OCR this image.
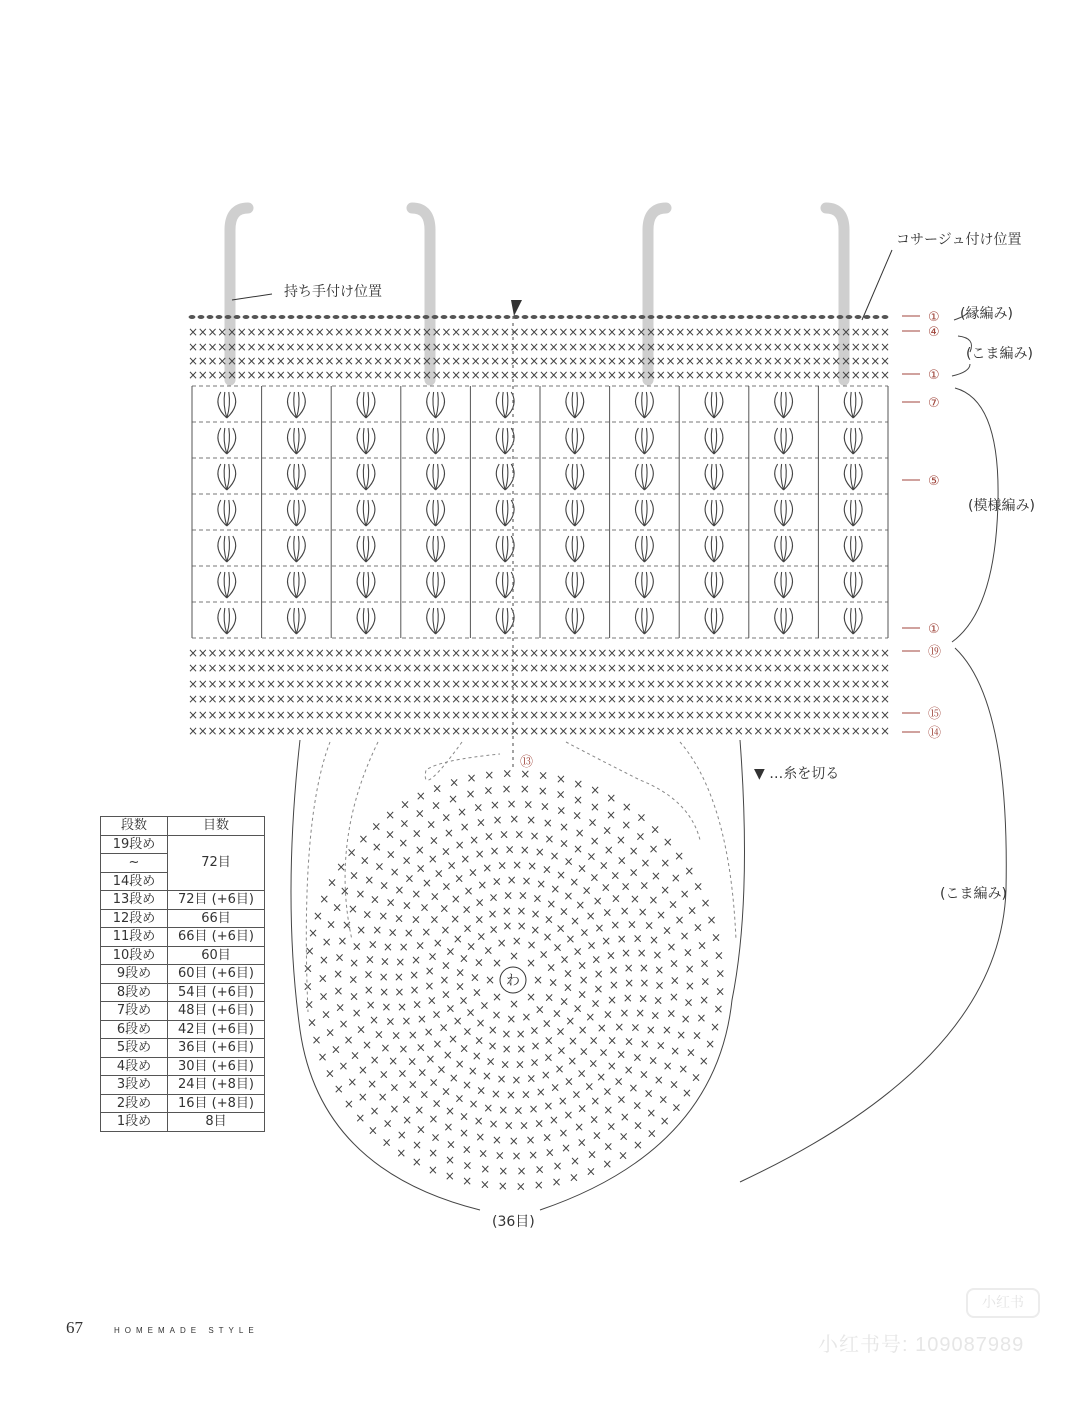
持ち手付け位置
コサージュ付け位置
××××××××××××××××××××××××××××××××××××××××××××××××××××××××××××××××××××××××
××××××××××××××××××××××××××××××××××××××××××××××××××××××××××××××××××××××××
××××××××××××××××××××××××××××××××××××××××××××××××××××××××××××××××××××××××
××××××××××××××××××××××××××××××××××××××××××××××××××××××××××××××××××××××××
××××××××××××××××××××××××××××××××××××××××××××××××××××××××××××××××××××××××
××××××××××××××××××××××××××××××××××××××××××××××××××××××××××××××××××××××××
××××××××××××××××××××××××××××××××××××××××××××××××××××××××××××××××××××××××
××××××××××××××××××××××××××××××××××××××××××××××××××××××××××××××××××××××××
××××××××××××××××××××××××××××××××××××××××××××××××××××××××××××××××××××××××
××××××××××××××××××××××××××××××××××××××××××××××××××××××××××××××××××××××××
×
×
×
×
×
×
×
×
×
×
×
×
×
×
×
×
×
×
×
× × ×
×
×
×
×
×
×
×
×
×
×
×
×
×
×
×
×
×
× × × × ×
×
×
×
×
×
×
×
×
×
×
×
×
×
×
×
×
×
×
×
×
×
×
×
× × × × × ×
×
×
×
×
×
×
×
×
×
×
×
×
×
×
×
×
×
×
×
×
×
×
×
×
×
×
×
×
× × × × × ×
×
×
×
×
×
×
×
×
×
×
×
×
×
×
×
×
×
×
×
×
×
×
×
×
×
×
×
×
×
×
×
×
×
× × × × × × ×
×
×
×
×
×
×
×
×
×
×
×
×
×
×
×
×
×
×
×
×
×
×
×
×
×
×
×
×
×
×
×
×
×
×
×
×
×
×
× × × × × × × ×
×
×
×
×
×
×
×
×
×
×
×
×
×
×
×
×
×
×
×
×
×
×
×
×
×
×
×
×
×
×
×
×
×
×
×
×
×
×
×
×
×
×
×
× × × × × × × × ×
×
×
×
×
×
×
×
×
×
×
×
×
×
×
×
×
×
×
×
×
×
×
×
×
×
×
×
×
×
×
×
×
×
×
×
×
×
×
×
×
×
×
×
×
×
×
×
×
× × × × × × × × × ×
×
×
×
×
×
×
×
×
×
×
×
×
×
×
×
×
×
×
×
×
×
×
×
×
×
×
×
×
×
×
×
×
×
×
×
×
×
×
×
×
×
×
×
×
×
×
×
×
×
×
× × × × × × × × ×
×
×
×
×
×
×
×
×
×
×
×
×
×
×
×
×
×
×
×
×
×
×
×
×
×
×
×
×
×
×
×
×
×
×
×
×
×
×
×
×
×
×
×
×
×
×
×
×
×
×
×
×
×
×
× × × × × × × × × ×
×
×
×
×
×
×
×
×
×
×
×
×
×
×
×
×
×
×
×
×
×
×
×
×
×
×
×
×
×
×
×
×
×
×
×
×
×
×
×
×
×
×
×
×
×
×
×
×
×
×
×
×
×
×
×
× × × × × × × × × ×
×
×
×
×
×
×
×
×
×
×
×
×
×
×
×
×
×
×
×
×
×
×
×
×
×
×
×
×
×
×
×
×
×
×
×
×
×
×
×
×
×
×
×
×
×
×
×
×
×
×
×
×
×
×
×
×
×
×
×
× × × × × × × × × ×
×
×
×
×
×
×
×
×
×
×
×
×
×
×
×
×
×
×
×
×
×
×
①
④
①
⑦
⑤
①
⑲
⑮
⑭
(縁編み)
(こま編み)
(模様編み)
(こま編み)
▼ …糸を切る
(36目)
わ
⑬
段数	目数
19段め	72目
~	
14段め	
13段め	72目 (+6目)
12段め	66目
11段め	66目 (+6目)
10段め	60目
9段め	60目 (+6目)
8段め	54目 (+6目)
7段め	48目 (+6目)
6段め	42目 (+6目)
5段め	36目 (+6目)
4段め	30目 (+6目)
3段め	24目 (+8目)
2段め	16目 (+8目)
1段め	8目
67	HOMEMADE STYLE
小红书
小红书号: 109087989
